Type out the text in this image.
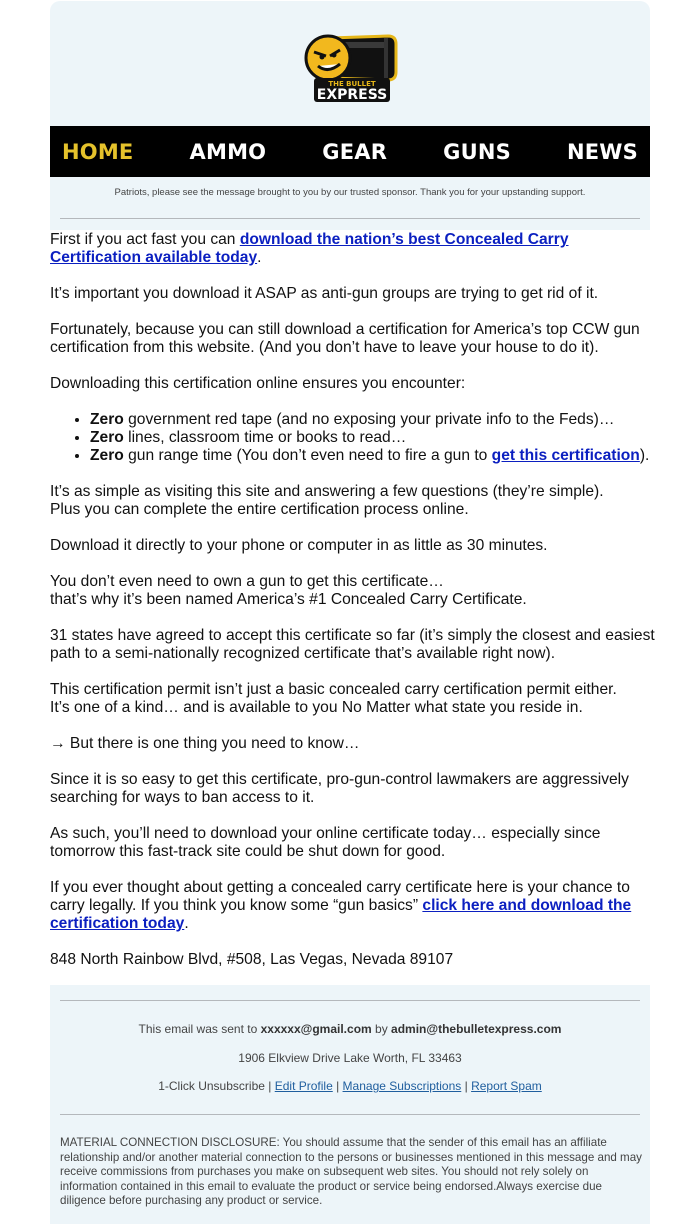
THE BULLET
EXPRESS
HOME	AMMO	GEAR	GUNS	NEWS
Patriots, please see the message brought to you by our trusted sponsor. Thank you for your upstanding support.

First if you act fast you can download the nation’s best Concealed Carry Certification available today.

It’s important you download it ASAP as anti-gun groups are trying to get rid of it.

Fortunately, because you can still download a certification for America’s top CCW gun certification from this website. (And you don’t have to leave your house to do it).

Downloading this certification online ensures you encounter:

• Zero government red tape (and no exposing your private info to the Feds)…
• Zero lines, classroom time or books to read…
• Zero gun range time (You don’t even need to fire a gun to get this certification).

It’s as simple as visiting this site and answering a few questions (they’re simple).
Plus you can complete the entire certification process online.

Download it directly to your phone or computer in as little as 30 minutes.

You don’t even need to own a gun to get this certificate…
that’s why it’s been named America’s #1 Concealed Carry Certificate.

31 states have agreed to accept this certificate so far (it’s simply the closest and easiest path to a semi-nationally recognized certificate that’s available right now).

This certification permit isn’t just a basic concealed carry certification permit either.
It’s one of a kind… and is available to you No Matter what state you reside in.

→ But there is one thing you need to know…

Since it is so easy to get this certificate, pro-gun-control lawmakers are aggressively searching for ways to ban access to it.

As such, you’ll need to download your online certificate today… especially since tomorrow this fast-track site could be shut down for good.

If you ever thought about getting a concealed carry certificate here is your chance to carry legally. If you think you know some “gun basics” click here and download the certification today.

848 North Rainbow Blvd, #508, Las Vegas, Nevada 89107

This email was sent to xxxxxx@gmail.com by admin@thebulletexpress.com
1906 Elkview Drive Lake Worth, FL 33463
1-Click Unsubscribe | Edit Profile | Manage Subscriptions | Report Spam
MATERIAL CONNECTION DISCLOSURE: You should assume that the sender of this email has an affiliate relationship and/or another material connection to the persons or businesses mentioned in this message and may receive commissions from purchases you make on subsequent web sites. You should not rely solely on information contained in this email to evaluate the product or service being endorsed.Always exercise due diligence before purchasing any product or service.
